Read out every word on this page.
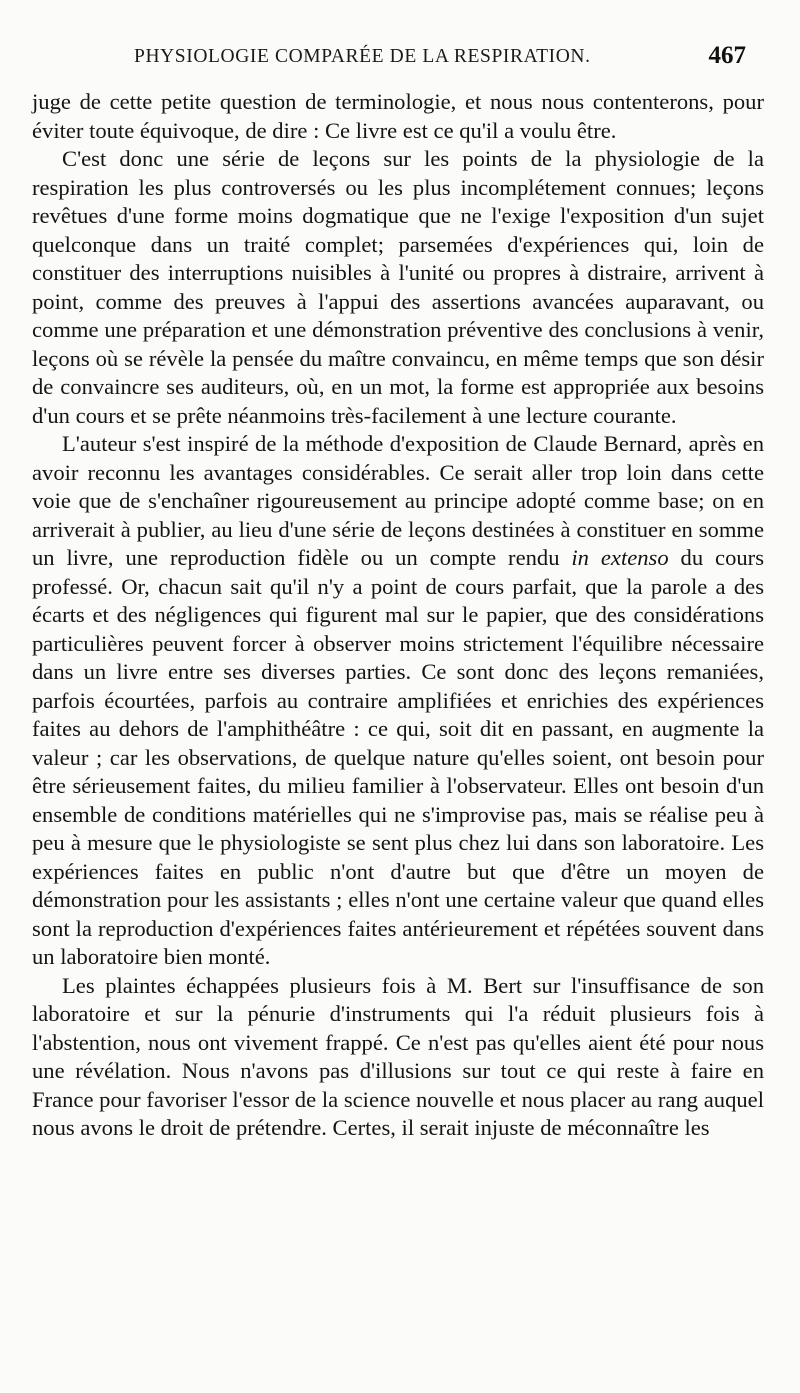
PHYSIOLOGIE COMPARÉE DE LA RESPIRATION.	467

juge de cette petite question de terminologie, et nous nous contenterons, pour éviter toute équivoque, de dire : Ce livre est ce qu'il a voulu être.

C'est donc une série de leçons sur les points de la physiologie de la respiration les plus controversés ou les plus incomplétement connues; leçons revêtues d'une forme moins dogmatique que ne l'exige l'exposition d'un sujet quelconque dans un traité complet; parsemées d'expériences qui, loin de constituer des interruptions nuisibles à l'unité ou propres à distraire, arrivent à point, comme des preuves à l'appui des assertions avancées auparavant, ou comme une préparation et une démonstration préventive des conclusions à venir, leçons où se révèle la pensée du maître convaincu, en même temps que son désir de convaincre ses auditeurs, où, en un mot, la forme est appropriée aux besoins d'un cours et se prête néanmoins très-facilement à une lecture courante.

L'auteur s'est inspiré de la méthode d'exposition de Claude Bernard, après en avoir reconnu les avantages considérables. Ce serait aller trop loin dans cette voie que de s'enchaîner rigoureusement au principe adopté comme base; on en arriverait à publier, au lieu d'une série de leçons destinées à constituer en somme un livre, une reproduction fidèle ou un compte rendu in extenso du cours professé. Or, chacun sait qu'il n'y a point de cours parfait, que la parole a des écarts et des négligences qui figurent mal sur le papier, que des considérations particulières peuvent forcer à observer moins strictement l'équilibre nécessaire dans un livre entre ses diverses parties. Ce sont donc des leçons remaniées, parfois écourtées, parfois au contraire amplifiées et enrichies des expériences faites au dehors de l'amphithéâtre : ce qui, soit dit en passant, en augmente la valeur ; car les observations, de quelque nature qu'elles soient, ont besoin pour être sérieusement faites, du milieu familier à l'observateur. Elles ont besoin d'un ensemble de conditions matérielles qui ne s'improvise pas, mais se réalise peu à peu à mesure que le physiologiste se sent plus chez lui dans son laboratoire. Les expériences faites en public n'ont d'autre but que d'être un moyen de démonstration pour les assistants ; elles n'ont une certaine valeur que quand elles sont la reproduction d'expériences faites antérieurement et répétées souvent dans un laboratoire bien monté.

Les plaintes échappées plusieurs fois à M. Bert sur l'insuffisance de son laboratoire et sur la pénurie d'instruments qui l'a réduit plusieurs fois à l'abstention, nous ont vivement frappé. Ce n'est pas qu'elles aient été pour nous une révélation. Nous n'avons pas d'illusions sur tout ce qui reste à faire en France pour favoriser l'essor de la science nouvelle et nous placer au rang auquel nous avons le droit de prétendre. Certes, il serait injuste de méconnaître les
